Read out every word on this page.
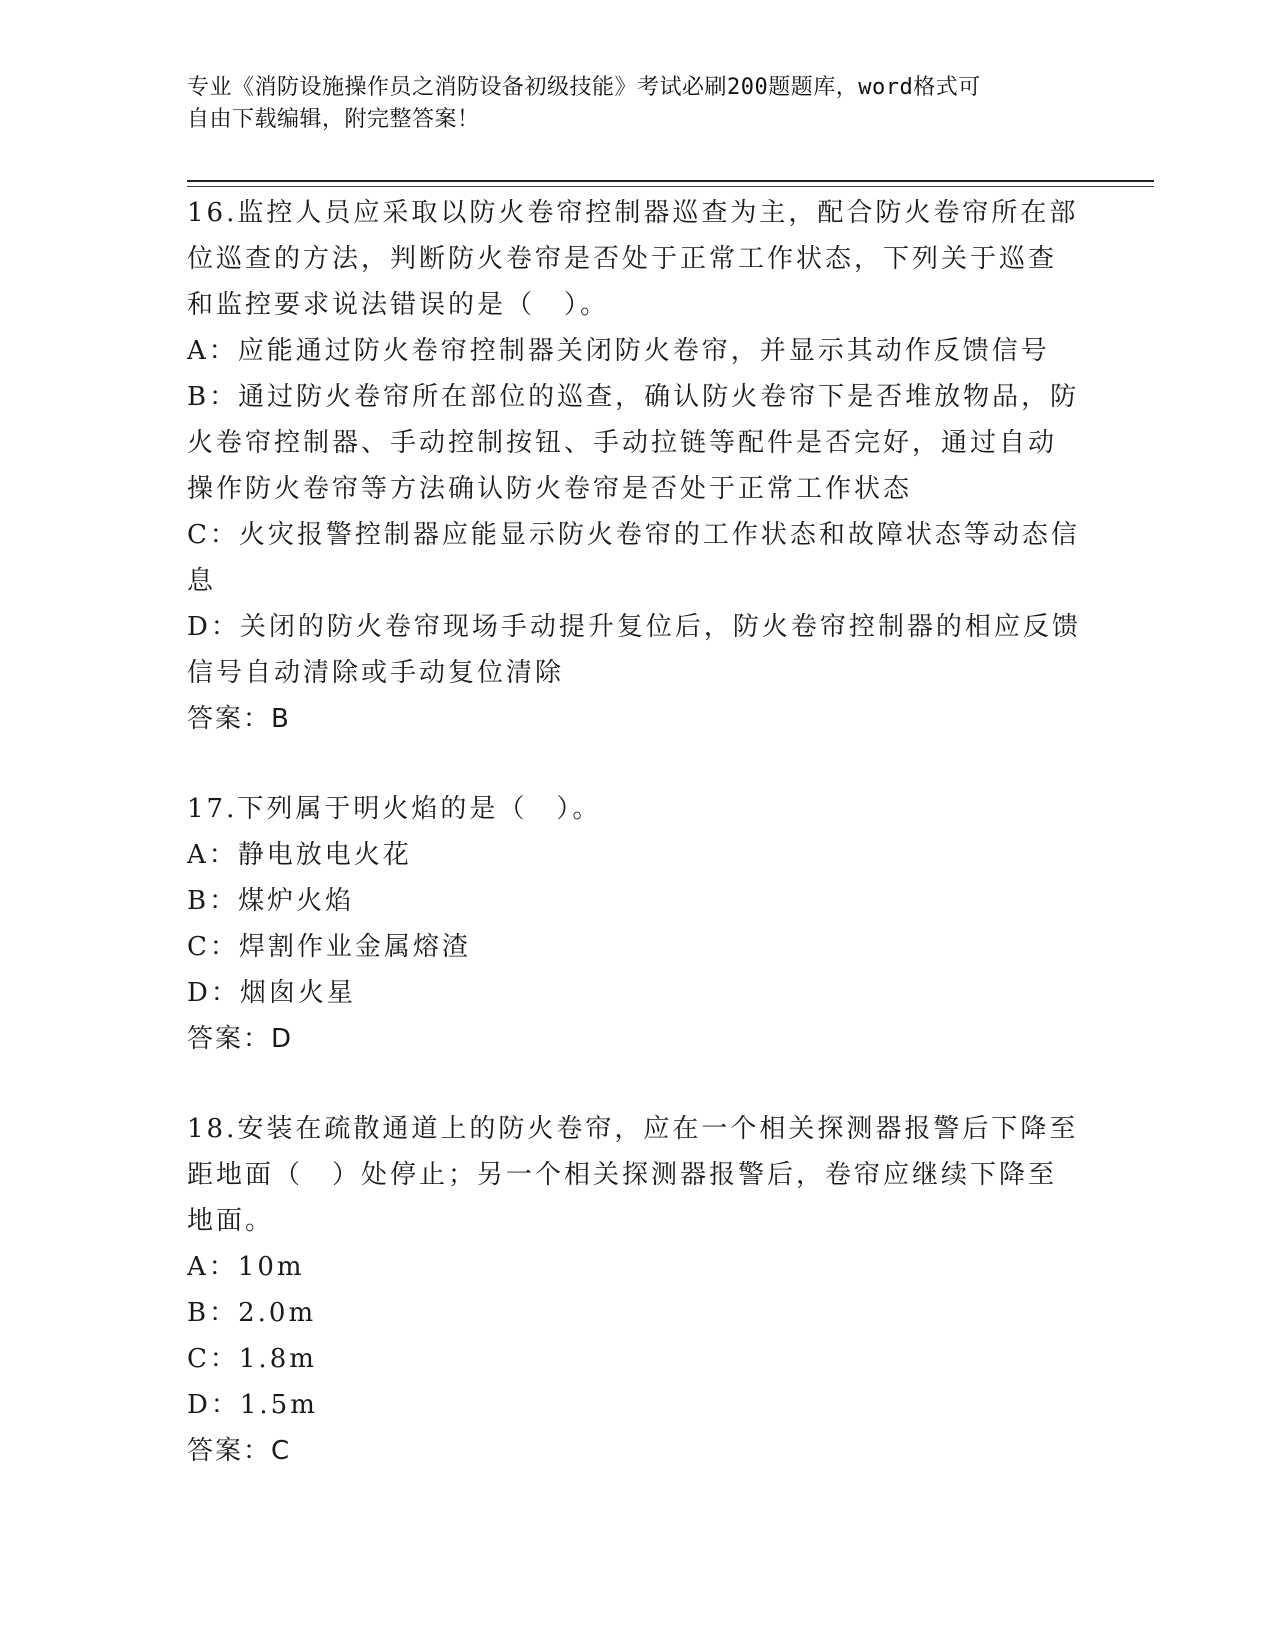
专业《消防设施操作员之消防设备初级技能》考试必刷200题题库，word格式可
自由下载编辑，附完整答案！
16.监控人员应采取以防火卷帘控制器巡查为主，配合防火卷帘所在部
位巡查的方法，判断防火卷帘是否处于正常工作状态，下列关于巡查
和监控要求说法错误的是（　）。
A：应能通过防火卷帘控制器关闭防火卷帘，并显示其动作反馈信号
B：通过防火卷帘所在部位的巡查，确认防火卷帘下是否堆放物品，防
火卷帘控制器、手动控制按钮、手动拉链等配件是否完好，通过自动
操作防火卷帘等方法确认防火卷帘是否处于正常工作状态
C：火灾报警控制器应能显示防火卷帘的工作状态和故障状态等动态信
息
D：关闭的防火卷帘现场手动提升复位后，防火卷帘控制器的相应反馈
信号自动清除或手动复位清除
答案：B
17.下列属于明火焰的是（　）。
A：静电放电火花
B：煤炉火焰
C：焊割作业金属熔渣
D：烟囱火星
答案：D
18.安装在疏散通道上的防火卷帘，应在一个相关探测器报警后下降至
距地面（　）处停止；另一个相关探测器报警后，卷帘应继续下降至
地面。
A：10m
B：2.0m
C：1.8m
D：1.5m
答案：C
